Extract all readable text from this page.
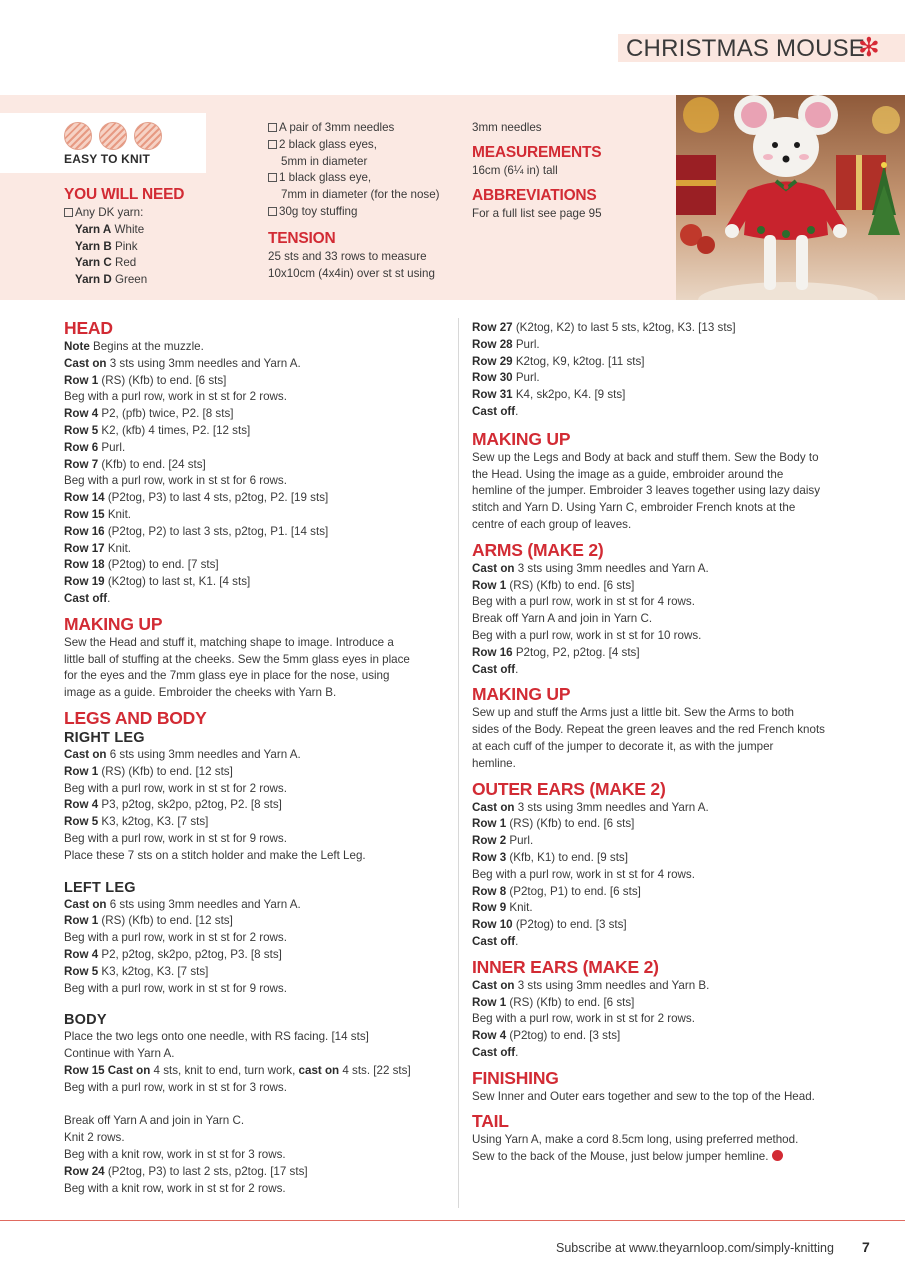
CHRISTMAS MOUSE
✻
EASY TO KNIT

YOU WILL NEED

Any DK yarn:

Yarn A White

Yarn B Pink

Yarn C Red

Yarn D Green

A pair of 3mm needles

2 black glass eyes,

5mm in diameter

1 black glass eye,

7mm in diameter (for the nose)

30g toy stuffing

TENSION

25 sts and 33 rows to measure

10x10cm (4x4in) over st st using

3mm needles

MEASUREMENTS

16cm (6¼ in) tall

ABBREVIATIONS

For a full list see page 95

HEAD

Note Begins at the muzzle.

Cast on 3 sts using 3mm needles and Yarn A.

Row 1 (RS) (Kfb) to end. [6 sts]

Beg with a purl row, work in st st for 2 rows.

Row 4 P2, (pfb) twice, P2. [8 sts]

Row 5 K2, (kfb) 4 times, P2. [12 sts]

Row 6 Purl.

Row 7 (Kfb) to end. [24 sts]

Beg with a purl row, work in st st for 6 rows.

Row 14 (P2tog, P3) to last 4 sts, p2tog, P2. [19 sts]

Row 15 Knit.

Row 16 (P2tog, P2) to last 3 sts, p2tog, P1. [14 sts]

Row 17 Knit.

Row 18 (P2tog) to end. [7 sts]

Row 19 (K2tog) to last st, K1. [4 sts]

Cast off.

MAKING UP

Sew the Head and stuff it, matching shape to image. Introduce a

little ball of stuffing at the cheeks. Sew the 5mm glass eyes in place

for the eyes and the 7mm glass eye in place for the nose, using

image as a guide. Embroider the cheeks with Yarn B.

LEGS AND BODY

RIGHT LEG

Cast on 6 sts using 3mm needles and Yarn A.

Row 1 (RS) (Kfb) to end. [12 sts]

Beg with a purl row, work in st st for 2 rows.

Row 4 P3, p2tog, sk2po, p2tog, P2. [8 sts]

Row 5 K3, k2tog, K3. [7 sts]

Beg with a purl row, work in st st for 9 rows.

Place these 7 sts on a stitch holder and make the Left Leg.

LEFT LEG

Cast on 6 sts using 3mm needles and Yarn A.

Row 1 (RS) (Kfb) to end. [12 sts]

Beg with a purl row, work in st st for 2 rows.

Row 4 P2, p2tog, sk2po, p2tog, P3. [8 sts]

Row 5 K3, k2tog, K3. [7 sts]

Beg with a purl row, work in st st for 9 rows.

BODY

Place the two legs onto one needle, with RS facing. [14 sts]

Continue with Yarn A.

Row 15 Cast on 4 sts, knit to end, turn work, cast on 4 sts. [22 sts]

Beg with a purl row, work in st st for 3 rows.

Break off Yarn A and join in Yarn C.

Knit 2 rows.

Beg with a knit row, work in st st for 3 rows.

Row 24 (P2tog, P3) to last 2 sts, p2tog. [17 sts]

Beg with a knit row, work in st st for 2 rows.

Row 27 (K2tog, K2) to last 5 sts, k2tog, K3. [13 sts]

Row 28 Purl.

Row 29 K2tog, K9, k2tog. [11 sts]

Row 30 Purl.

Row 31 K4, sk2po, K4. [9 sts]

Cast off.

MAKING UP

Sew up the Legs and Body at back and stuff them. Sew the Body to

the Head. Using the image as a guide, embroider around the

hemline of the jumper. Embroider 3 leaves together using lazy daisy

stitch and Yarn D. Using Yarn C, embroider French knots at the

centre of each group of leaves.

ARMS (MAKE 2)

Cast on 3 sts using 3mm needles and Yarn A.

Row 1 (RS) (Kfb) to end. [6 sts]

Beg with a purl row, work in st st for 4 rows.

Break off Yarn A and join in Yarn C.

Beg with a purl row, work in st st for 10 rows.

Row 16 P2tog, P2, p2tog. [4 sts]

Cast off.

MAKING UP

Sew up and stuff the Arms just a little bit. Sew the Arms to both

sides of the Body. Repeat the green leaves and the red French knots

at each cuff of the jumper to decorate it, as with the jumper

hemline.

OUTER EARS (MAKE 2)

Cast on 3 sts using 3mm needles and Yarn A.

Row 1 (RS) (Kfb) to end. [6 sts]

Row 2 Purl.

Row 3 (Kfb, K1) to end. [9 sts]

Beg with a purl row, work in st st for 4 rows.

Row 8 (P2tog, P1) to end. [6 sts]

Row 9 Knit.

Row 10 (P2tog) to end. [3 sts]

Cast off.

INNER EARS (MAKE 2)

Cast on 3 sts using 3mm needles and Yarn B.

Row 1 (RS) (Kfb) to end. [6 sts]

Beg with a purl row, work in st st for 2 rows.

Row 4 (P2tog) to end. [3 sts]

Cast off.

FINISHING

Sew Inner and Outer ears together and sew to the top of the Head.

TAIL

Using Yarn A, make a cord 8.5cm long, using preferred method.

Sew to the back of the Mouse, just below jumper hemline.

Subscribe at www.theyarnloop.com/simply-knitting 7
